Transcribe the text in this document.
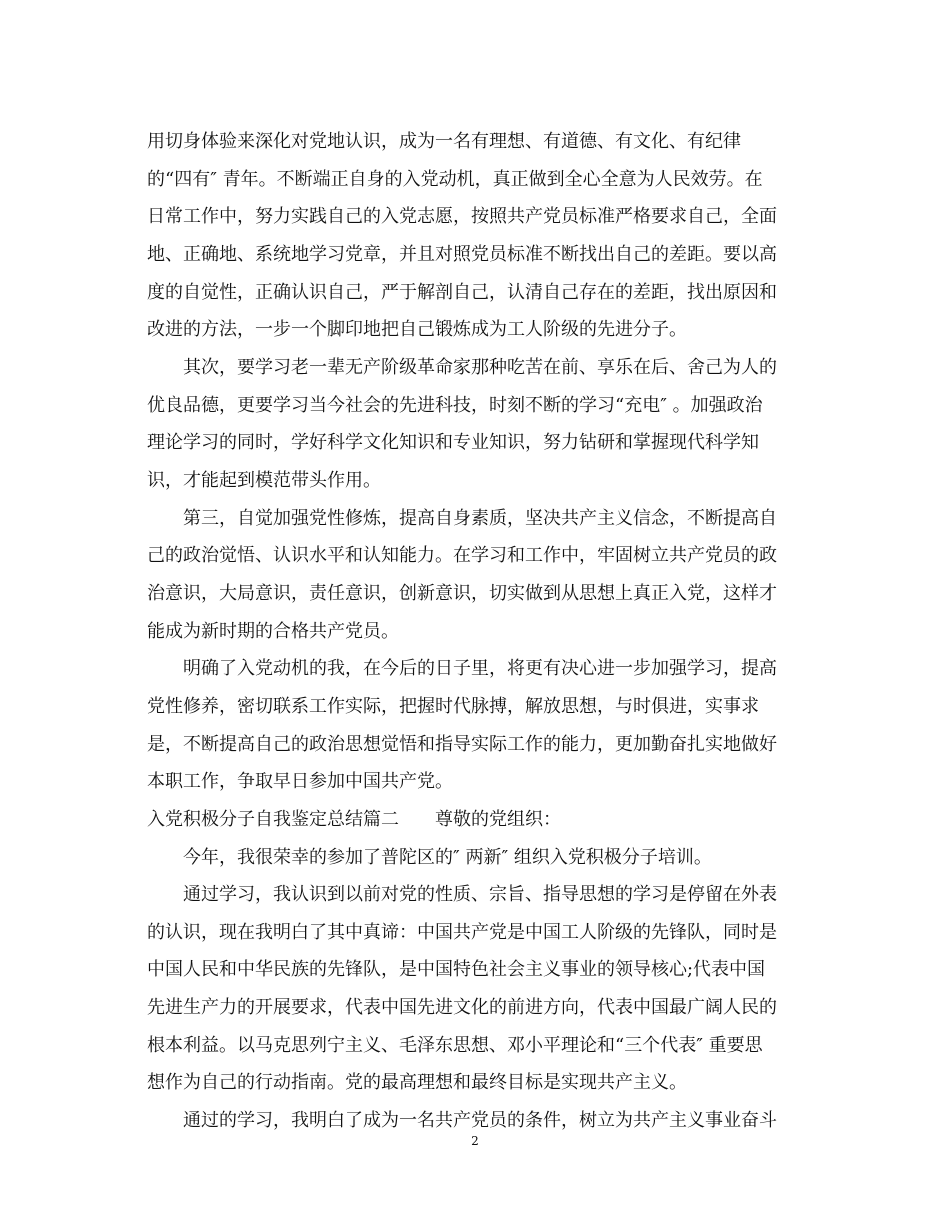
用切身体验来深化对党地认识，成为一名有理想、有道德、有文化、有纪律
的“四有″ 青年。不断端正自身的入党动机，真正做到全心全意为人民效劳。在
日常工作中，努力实践自己的入党志愿，按照共产党员标准严格要求自己，全面
地、正确地、系统地学习党章，并且对照党员标准不断找出自己的差距。要以高
度的自觉性，正确认识自己，严于解剖自己，认清自己存在的差距，找出原因和
改进的方法，一步一个脚印地把自己锻炼成为工人阶级的先进分子。
　　其次，要学习老一辈无产阶级革命家那种吃苦在前、享乐在后、舍己为人的
优良品德，更要学习当今社会的先进科技，时刻不断的学习“充电″ 。加强政治
理论学习的同时，学好科学文化知识和专业知识，努力钻研和掌握现代科学知
识，才能起到模范带头作用。
　　第三，自觉加强党性修炼，提高自身素质，坚决共产主义信念，不断提高自
己的政治觉悟、认识水平和认知能力。在学习和工作中，牢固树立共产党员的政
治意识，大局意识，责任意识，创新意识，切实做到从思想上真正入党，这样才
能成为新时期的合格共产党员。
　　明确了入党动机的我，在今后的日子里，将更有决心进一步加强学习，提高
党性修养，密切联系工作实际，把握时代脉搏，解放思想，与时俱进，实事求
是，不断提高自己的政治思想觉悟和指导实际工作的能力，更加勤奋扎实地做好
本职工作，争取早日参加中国共产党。
入党积极分子自我鉴定总结篇二　　尊敬的党组织：
　　今年，我很荣幸的参加了普陀区的″ 两新″ 组织入党积极分子培训。
　　通过学习，我认识到以前对党的性质、宗旨、指导思想的学习是停留在外表
的认识，现在我明白了其中真谛：中国共产党是中国工人阶级的先锋队，同时是
中国人民和中华民族的先锋队，是中国特色社会主义事业的领导核心;代表中国
先进生产力的开展要求，代表中国先进文化的前进方向，代表中国最广阔人民的
根本利益。以马克思列宁主义、毛泽东思想、邓小平理论和“三个代表″ 重要思
想作为自己的行动指南。党的最高理想和最终目标是实现共产主义。
　　通过的学习，我明白了成为一名共产党员的条件，树立为共产主义事业奋斗
2
